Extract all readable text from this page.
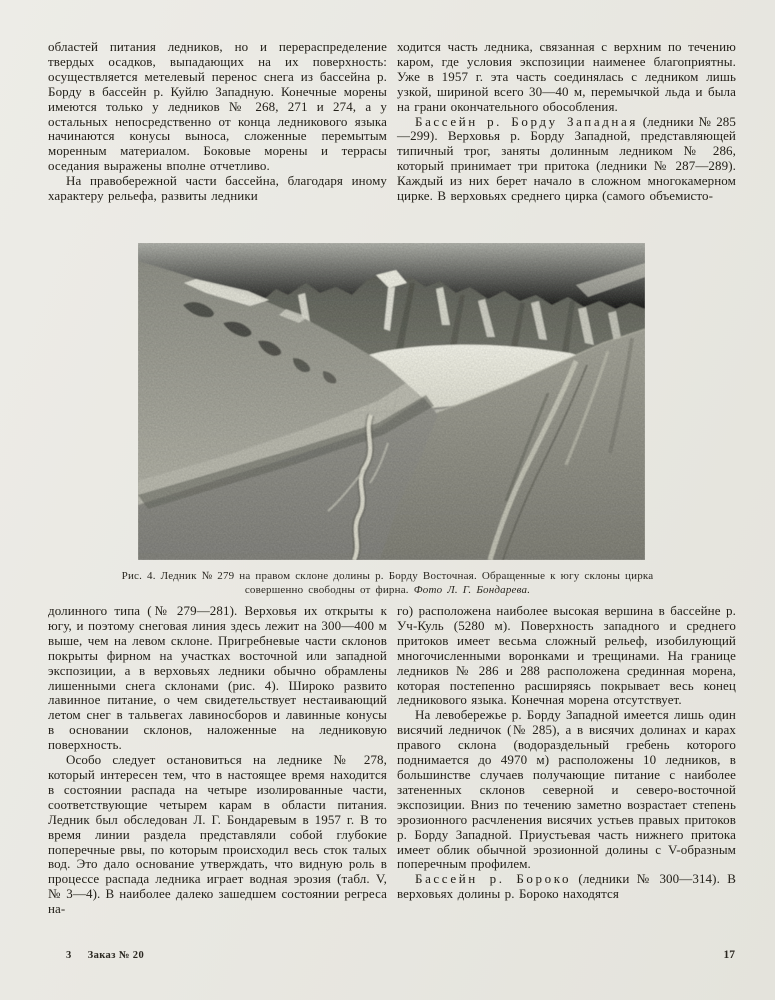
областей питания ледников, но и перераспределение твердых осадков, выпадающих на их поверхность: осуществляется метелевый перенос снега из бассейна р. Борду в бассейн р. Куйлю Западную. Конечные морены имеются только у ледников № 268, 271 и 274, а у остальных непосредственно от конца ледникового языка начинаются конусы выноса, сложенные перемытым моренным материалом. Боковые морены и террасы оседания выражены вполне отчетливо.

На правобережной части бассейна, благодаря иному характеру рельефа, развиты ледники

ходится часть ледника, связанная с верхним по течению каром, где условия экспозиции наименее благоприятны. Уже в 1957 г. эта часть соединялась с ледником лишь узкой, шириной всего 30—40 м, перемычкой льда и была на грани окончательного обособления.

Бассейн р. Борду Западная (ледники № 285—299). Верховья р. Борду Западной, представляющей типичный трог, заняты долинным ледником № 286, который принимает три притока (ледники № 287—289). Каждый из них берет начало в сложном многокамерном цирке. В верховьях среднего цирка (самого объемисто-

Рис. 4. Ледник № 279 на правом склоне долины р. Борду Восточная. Обращенные к югу склоны цирка совершенно свободны от фирна. Фото Л. Г. Бондарева.

долинного типа (№ 279—281). Верховья их открыты к югу, и поэтому снеговая линия здесь лежит на 300—400 м выше, чем на левом склоне. Пригребневые части склонов покрыты фирном на участках восточной или западной экспозиции, а в верховьях ледники обычно обрамлены лишенными снега склонами (рис. 4). Широко развито лавинное питание, о чем свидетельствует нестаивающий летом снег в тальвегах лавиносборов и лавинные конусы в основании склонов, наложенные на ледниковую поверхность.

Особо следует остановиться на леднике № 278, который интересен тем, что в настоящее время находится в состоянии распада на четыре изолированные части, соответствующие четырем карам в области питания. Ледник был обследован Л. Г. Бондаревым в 1957 г. В то время линии раздела представляли собой глубокие поперечные рвы, по которым происходил весь сток талых вод. Это дало основание утверждать, что видную роль в процессе распада ледника играет водная эрозия (табл. V, № 3—4). В наиболее далеко зашедшем состоянии регреса на-

го) расположена наиболее высокая вершина в бассейне р. Уч-Куль (5280 м). Поверхность западного и среднего притоков имеет весьма сложный рельеф, изобилующий многочисленными воронками и трещинами. На границе ледников № 286 и 288 расположена срединная морена, которая постепенно расширяясь покрывает весь конец ледникового языка. Конечная морена отсутствует.

На левобережье р. Борду Западной имеется лишь один висячий ледничок (№ 285), а в висячих долинах и карах правого склона (водораздельный гребень которого поднимается до 4970 м) расположены 10 ледников, в большинстве случаев получающие питание с наиболее затененных склонов северной и северо-восточной экспозиции. Вниз по течению заметно возрастает степень эрозионного расчленения висячих устьев правых притоков р. Борду Западной. Приустьевая часть нижнего притока имеет облик обычной эрозионной долины с V-образным поперечным профилем.

Бассейн р. Бороко (ледники № 300—314). В верховьях долины р. Бороко находятся

3 Заказ № 20	17
